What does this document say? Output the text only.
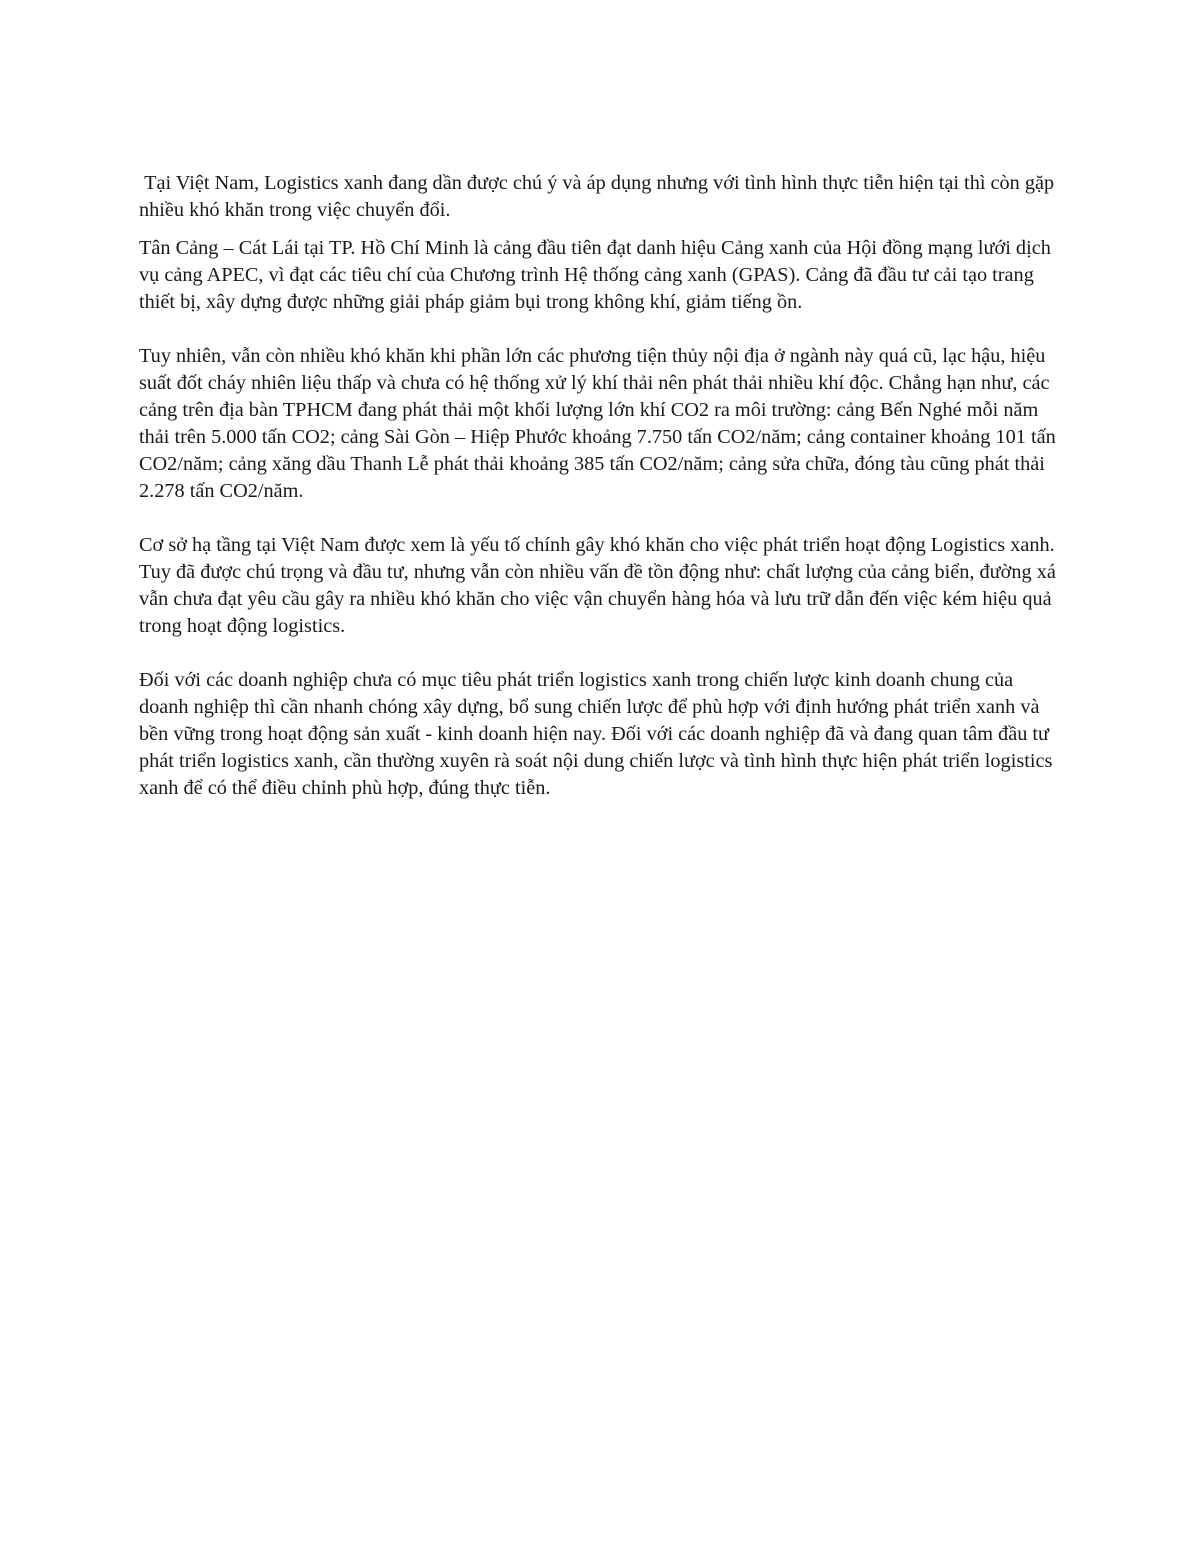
Tại Việt Nam, Logistics xanh đang dần được chú ý và áp dụng nhưng với tình hình thực tiễn hiện tại thì còn gặp nhiều khó khăn trong việc chuyển đổi.

Tân Cảng – Cát Lái tại TP. Hồ Chí Minh là cảng đầu tiên đạt danh hiệu Cảng xanh của Hội đồng mạng lưới dịch vụ cảng APEC, vì đạt các tiêu chí của Chương trình Hệ thống cảng xanh (GPAS). Cảng đã đầu tư cải tạo trang thiết bị, xây dựng được những giải pháp giảm bụi trong không khí, giảm tiếng ồn.

Tuy nhiên, vẫn còn nhiều khó khăn khi phần lớn các phương tiện thủy nội địa ở ngành này quá cũ, lạc hậu, hiệu suất đốt cháy nhiên liệu thấp và chưa có hệ thống xử lý khí thải nên phát thải nhiều khí độc. Chẳng hạn như, các cảng trên địa bàn TPHCM đang phát thải một khối lượng lớn khí CO2 ra môi trường: cảng Bến Nghé mỗi năm thải trên 5.000 tấn CO2; cảng Sài Gòn – Hiệp Phước khoảng 7.750 tấn CO2/năm; cảng container khoảng 101 tấn CO2/năm; cảng xăng dầu Thanh Lễ phát thải khoảng 385 tấn CO2/năm; cảng sửa chữa, đóng tàu cũng phát thải 2.278 tấn CO2/năm.

Cơ sở hạ tầng tại Việt Nam được xem là yếu tố chính gây khó khăn cho việc phát triển hoạt động Logistics xanh. Tuy đã được chú trọng và đầu tư, nhưng vẫn còn nhiều vấn đề tồn động như: chất lượng của cảng biển, đường xá vẫn chưa đạt yêu cầu gây ra nhiều khó khăn cho việc vận chuyển hàng hóa và lưu trữ dẫn đến việc kém hiệu quả trong hoạt động logistics.

Đối với các doanh nghiệp chưa có mục tiêu phát triển logistics xanh trong chiến lược kinh doanh chung của doanh nghiệp thì cần nhanh chóng xây dựng, bổ sung chiến lược để phù hợp với định hướng phát triển xanh và bền vững trong hoạt động sản xuất - kinh doanh hiện nay. Đối với các doanh nghiệp đã và đang quan tâm đầu tư phát triển logistics xanh, cần thường xuyên rà soát nội dung chiến lược và tình hình thực hiện phát triển logistics xanh để có thể điều chỉnh phù hợp, đúng thực tiễn.
